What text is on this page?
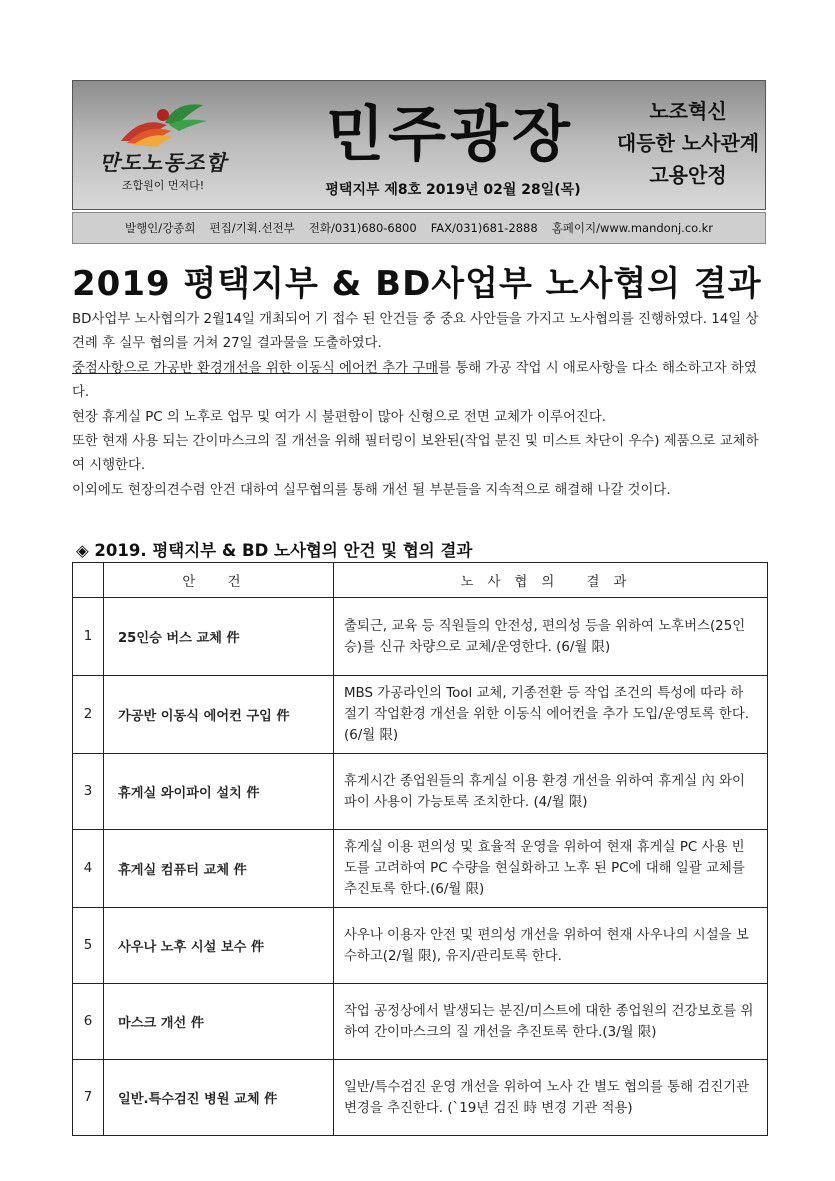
만도노동조합
조합원이 먼저다!
민주광장
평택지부 제8호 2019년 02월 28일(목)
노조혁신
대등한 노사관계
고용안정
발행인/강종희 편집/기획.선전부 전화/031)680-6800 FAX/031)681-2888 홈페이지/www.mandonj.co.kr
2019 평택지부 & BD사업부 노사협의 결과

BD사업부 노사협의가 2월14일 개최되어 기 접수 된 안건들 중 중요 사안들을 가지고 노사협의를 진행하였다. 14일 상견례 후 실무 협의를 거쳐 27일 결과물을 도출하였다.

중점사항으로 가공반 환경개선을 위한 이동식 에어컨 추가 구매를 통해 가공 작업 시 애로사항을 다소 해소하고자 하였다.

현장 휴게실 PC 의 노후로 업무 및 여가 시 불편함이 많아 신형으로 전면 교체가 이루어진다.

또한 현재 사용 되는 간이마스크의 질 개선을 위해 필터링이 보완된(작업 분진 및 미스트 차단이 우수) 제품으로 교체하여 시행한다.

이외에도 현장의견수렴 안건 대하여 실무협의를 통해 개선 될 부분들을 지속적으로 해결해 나갈 것이다.

◈ 2019. 평택지부 & BD 노사협의 안건 및 협의 결과
	안 건	노사협의 결과
1	25인승 버스 교체 件	출퇴근, 교육 등 직원들의 안전성, 편의성 등을 위하여 노후버스(25인승)를 신규 차량으로 교체/운영한다. (6/월 限)
2	가공반 이동식 에어컨 구입 件	MBS 가공라인의 Tool 교체, 기종전환 등 작업 조건의 특성에 따라 하절기 작업환경 개선을 위한 이동식 에어컨을 추가 도입/운영토록 한다. (6/월 限)
3	휴게실 와이파이 설치 件	휴게시간 종업원들의 휴게실 이용 환경 개선을 위하여 휴게실 內 와이파이 사용이 가능토록 조치한다. (4/월 限)
4	휴게실 컴퓨터 교체 件	휴게실 이용 편의성 및 효율적 운영을 위하여 현재 휴게실 PC 사용 빈도를 고려하여 PC 수량을 현실화하고 노후 된 PC에 대해 일괄 교체를 추진토록 한다.(6/월 限)
5	사우나 노후 시설 보수 件	사우나 이용자 안전 및 편의성 개선을 위하여 현재 사우나의 시설을 보수하고(2/월 限), 유지/관리토록 한다.
6	마스크 개선 件	작업 공정상에서 발생되는 분진/미스트에 대한 종업원의 건강보호를 위하여 간이마스크의 질 개선을 추진토록 한다.(3/월 限)
7	일반.특수검진 병원 교체 件	일반/특수검진 운영 개선을 위하여 노사 간 별도 협의를 통해 검진기관 변경을 추진한다. (`19년 검진 時 변경 기관 적용)
